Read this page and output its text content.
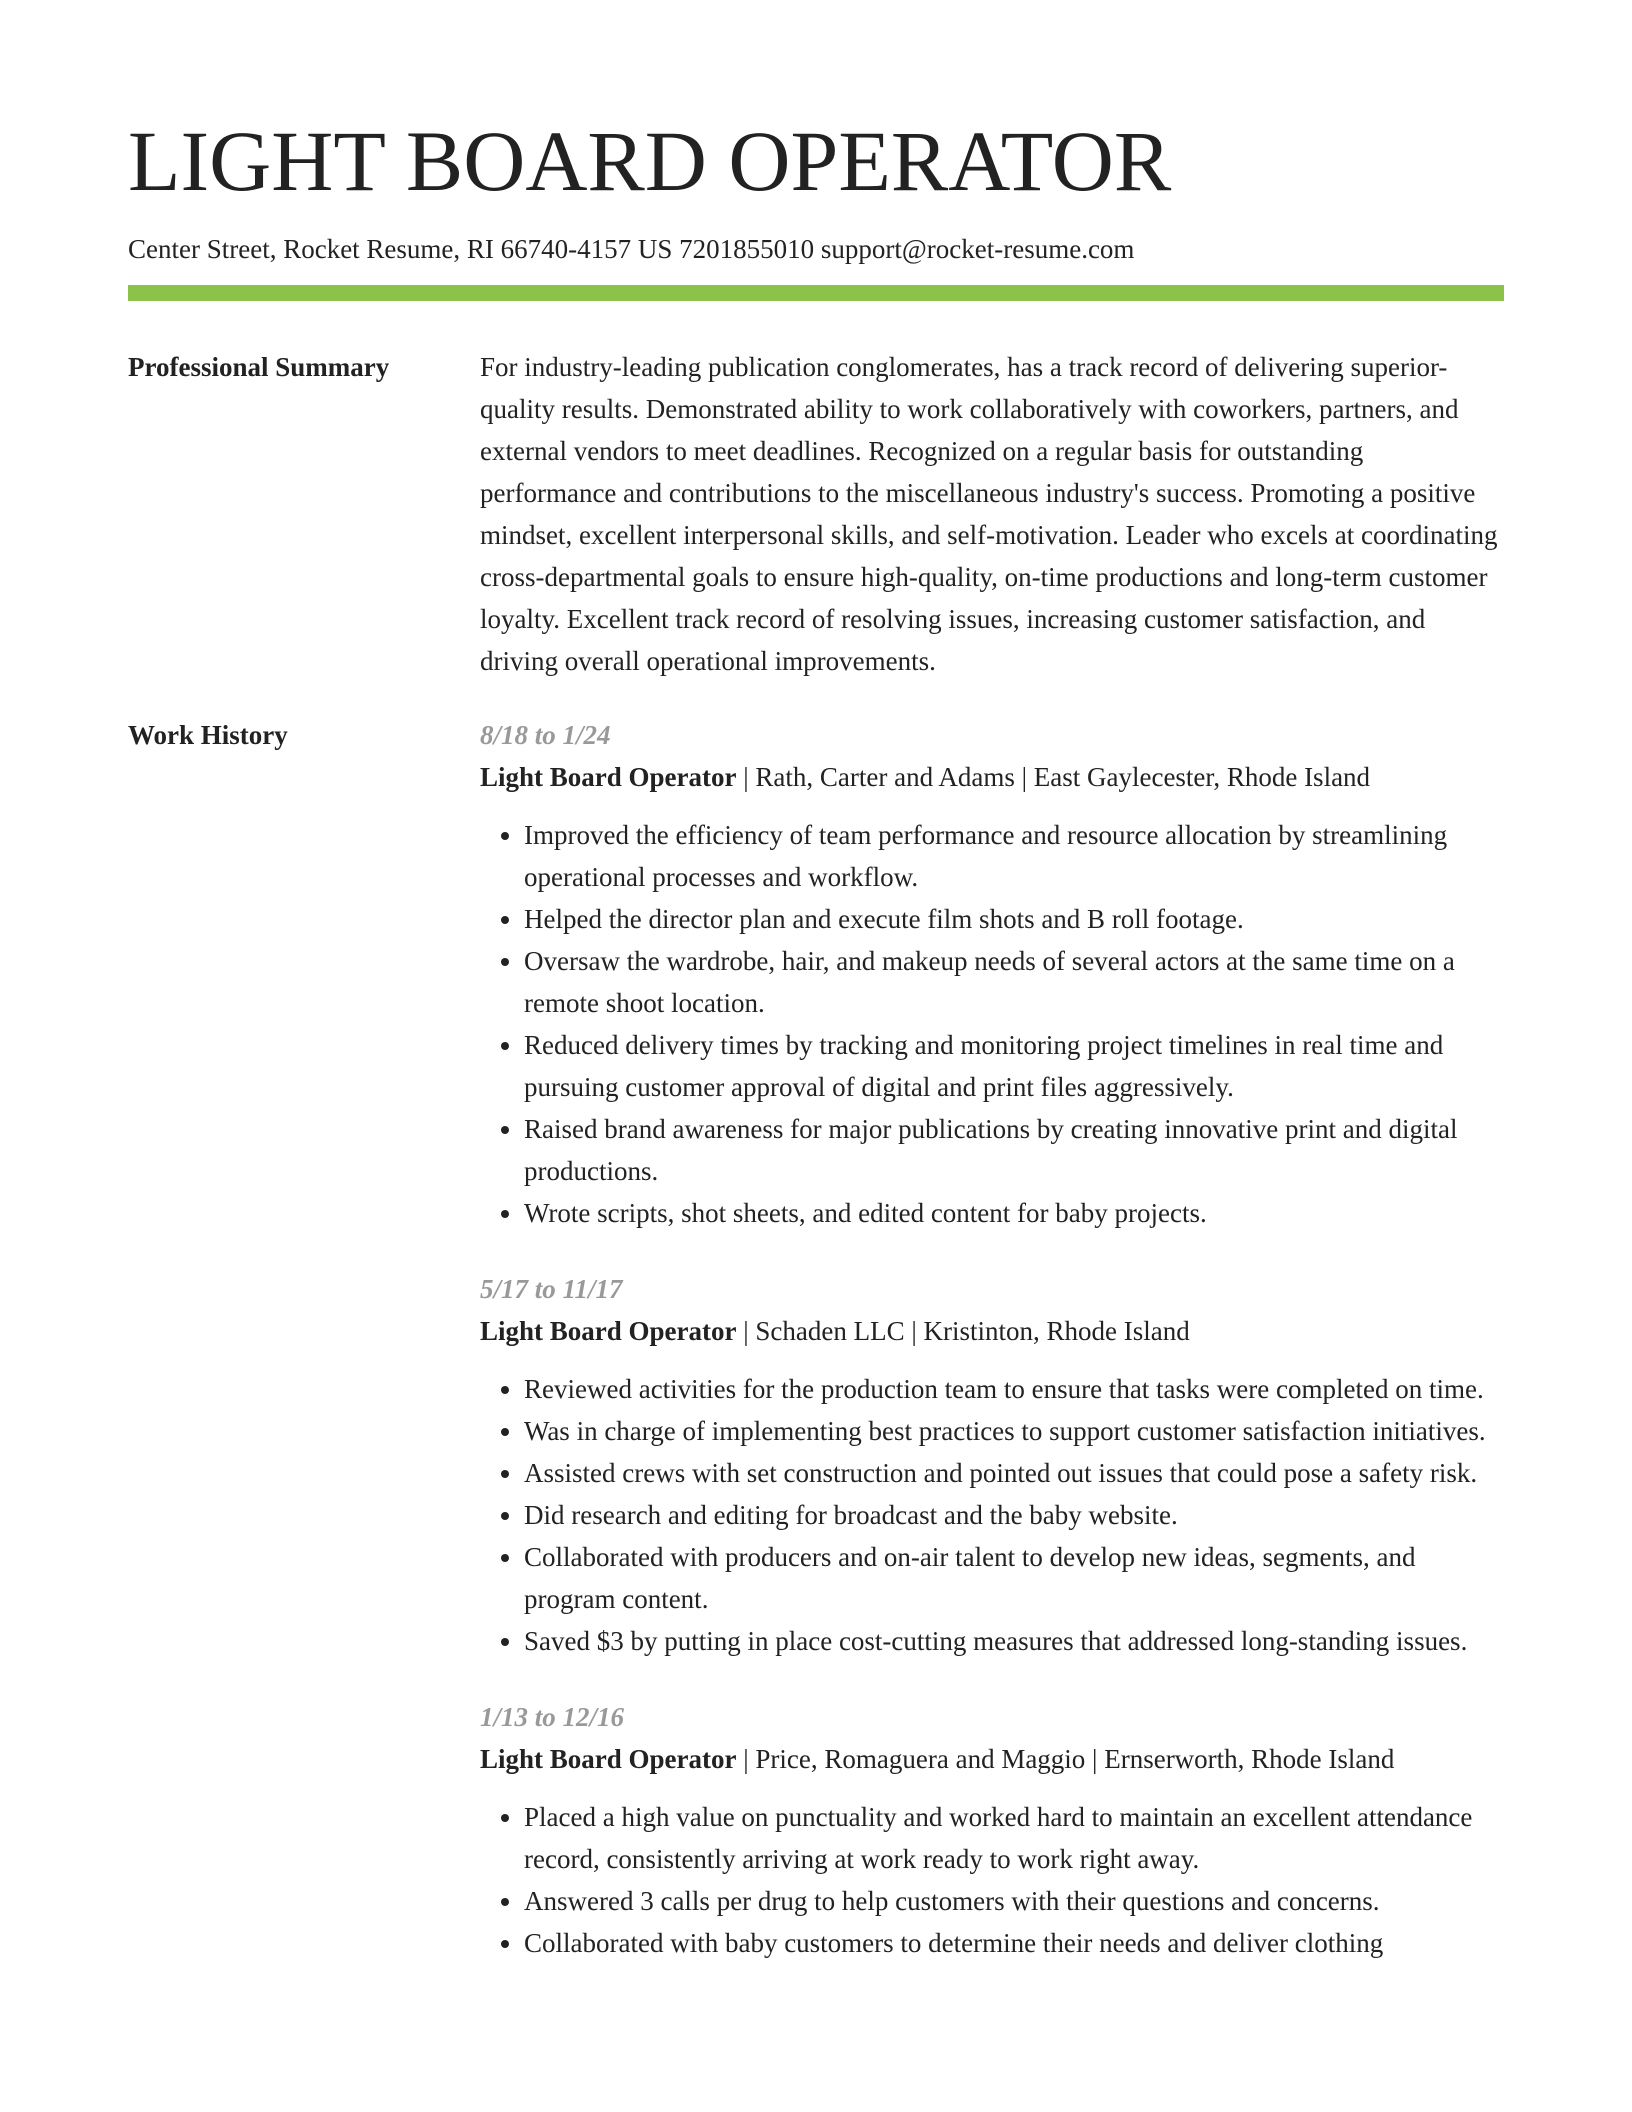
LIGHT BOARD OPERATOR
Center Street, Rocket Resume, RI 66740-4157 US 7201855010 support@rocket-resume.com
Professional Summary	For industry-leading publication conglomerates, has a track record of delivering superior-quality results. Demonstrated ability to work collaboratively with coworkers, partners, and external vendors to meet deadlines. Recognized on a regular basis for outstanding performance and contributions to the miscellaneous industry's success. Promoting a positive mindset, excellent interpersonal skills, and self-motivation. Leader who excels at coordinating cross-departmental goals to ensure high-quality, on-time productions and long-term customer loyalty. Excellent track record of resolving issues, increasing customer satisfaction, and driving overall operational improvements.

Work History	8/18 to 1/24
Light Board Operator | Rath, Carter and Adams | East Gaylecester, Rhode Island
• Improved the efficiency of team performance and resource allocation by streamlining operational processes and workflow.
• Helped the director plan and execute film shots and B roll footage.
• Oversaw the wardrobe, hair, and makeup needs of several actors at the same time on a remote shoot location.
• Reduced delivery times by tracking and monitoring project timelines in real time and pursuing customer approval of digital and print files aggressively.
• Raised brand awareness for major publications by creating innovative print and digital productions.
• Wrote scripts, shot sheets, and edited content for baby projects.
5/17 to 11/17
Light Board Operator | Schaden LLC | Kristinton, Rhode Island
• Reviewed activities for the production team to ensure that tasks were completed on time.
• Was in charge of implementing best practices to support customer satisfaction initiatives.
• Assisted crews with set construction and pointed out issues that could pose a safety risk.
• Did research and editing for broadcast and the baby website.
• Collaborated with producers and on-air talent to develop new ideas, segments, and program content.
• Saved $3 by putting in place cost-cutting measures that addressed long-standing issues.
1/13 to 12/16
Light Board Operator | Price, Romaguera and Maggio | Ernserworth, Rhode Island
• Placed a high value on punctuality and worked hard to maintain an excellent attendance record, consistently arriving at work ready to work right away.
• Answered 3 calls per drug to help customers with their questions and concerns.
• Collaborated with baby customers to determine their needs and deliver clothing
